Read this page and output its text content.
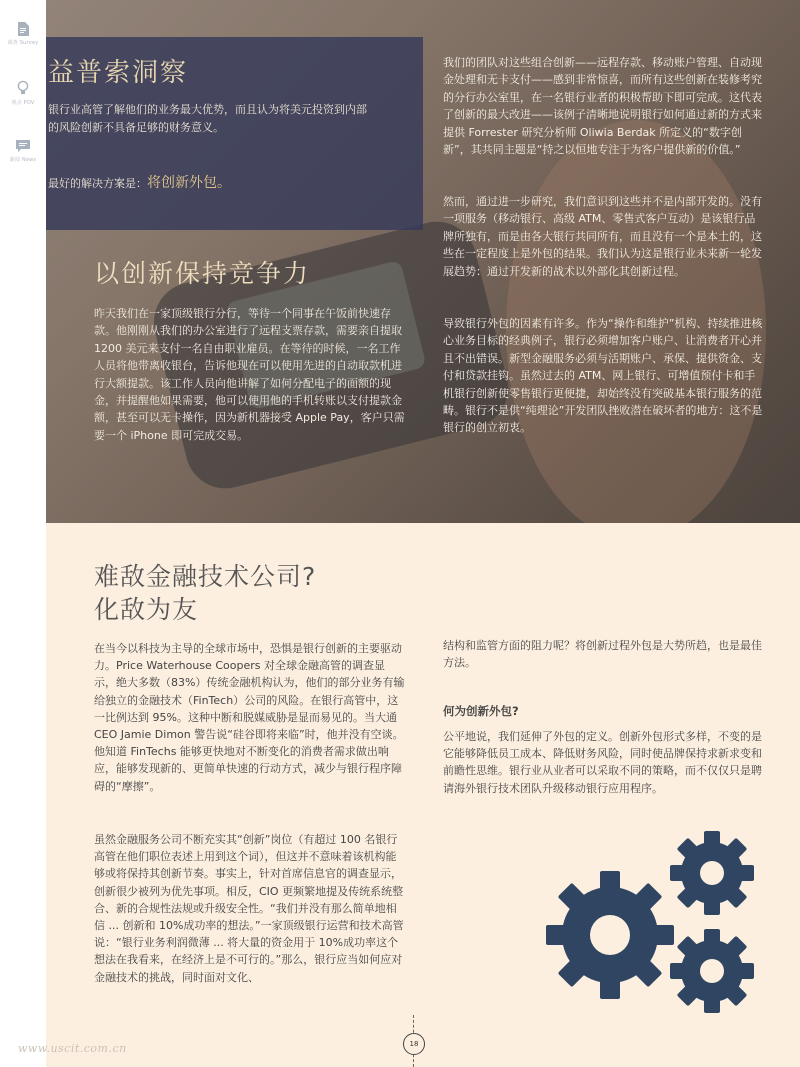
调查 Survey
观点 POV
新闻 News
益普索洞察
银行业高管了解他们的业务最大优势，而且认为将美元投资到内部的风险创新不具备足够的财务意义。
最好的解决方案是：将创新外包。
以创新保持竞争力
昨天我们在一家顶级银行分行，等待一个同事在午饭前快速存款。他刚刚从我们的办公室进行了远程支票存款，需要亲自提取 1200 美元来支付一名自由职业雇员。在等待的时候，一名工作人员将他带离收银台，告诉他现在可以使用先进的自动取款机进行大额提款。该工作人员向他讲解了如何分配电子的面额的现金，并提醒他如果需要，他可以使用他的手机转账以支付提款金额，甚至可以无卡操作，因为新机器接受 Apple Pay，客户只需要一个 iPhone 即可完成交易。
我们的团队对这些组合创新——远程存款、移动账户管理、自动现金处理和无卡支付——感到非常惊喜，而所有这些创新在装修考究的分行办公室里，在一名银行业者的积极帮助下即可完成。这代表了创新的最大改进——该例子清晰地说明银行如何通过新的方式来提供 Forrester 研究分析师 Oliwia Berdak 所定义的“数字创新”，其共同主题是“持之以恒地专注于为客户提供新的价值。”
然而，通过进一步研究，我们意识到这些并不是内部开发的。没有一项服务（移动银行、高级 ATM、零售式客户互动）是该银行品牌所独有，而是由各大银行共同所有，而且没有一个是本土的，这些在一定程度上是外包的结果。我们认为这是银行业未来新一轮发展趋势：通过开发新的战术以外部化其创新过程。
导致银行外包的因素有许多。作为“操作和维护”机构、持续推进核心业务目标的经典例子，银行必须增加客户账户、让消费者开心并且不出错误。新型金融服务必须与活期账户、承保、提供资金、支付和贷款挂钩。虽然过去的 ATM、网上银行、可增值预付卡和手机银行创新使零售银行更便捷，却始终没有突破基本银行服务的范畴。银行不是供“纯理论”开发团队挫败潜在破坏者的地方：这不是银行的创立初衷。
难敌金融技术公司?
化敌为友
在当今以科技为主导的全球市场中，恐惧是银行创新的主要驱动力。Price Waterhouse Coopers 对全球金融高管的调查显示，绝大多数（83%）传统金融机构认为，他们的部分业务有输给独立的金融技术（FinTech）公司的风险。在银行高管中，这一比例达到 95%。这种中断和脱媒威胁是显而易见的。当大通 CEO Jamie Dimon 警告说“硅谷即将来临”时，他并没有空谈。他知道 FinTechs 能够更快地对不断变化的消费者需求做出响应，能够发现新的、更简单快速的行动方式，减少与银行程序障碍的“摩擦”。
虽然金融服务公司不断充实其“创新”岗位（有超过 100 名银行高管在他们职位表述上用到这个词），但这并不意味着该机构能够或将保持其创新节奏。事实上，针对首席信息官的调查显示，创新很少被列为优先事项。相反，CIO 更频繁地提及传统系统整合、新的合规性法规或升级安全性。“我们并没有那么简单地相信 ... 创新和 10%成功率的想法。”一家顶级银行运营和技术高管说：“银行业务利润微薄 ... 将大量的资金用于 10%成功率这个想法在我看来，在经济上是不可行的。”那么，银行应当如何应对金融技术的挑战，同时面对文化、
结构和监管方面的阻力呢？将创新过程外包是大势所趋，也是最佳方法。
何为创新外包?
公平地说，我们延伸了外包的定义。创新外包形式多样，不变的是它能够降低员工成本、降低财务风险，同时使品牌保持求新求变和前瞻性思维。银行业从业者可以采取不同的策略，而不仅仅只是聘请海外银行技术团队升级移动银行应用程序。
18
www.uscit.com.cn
